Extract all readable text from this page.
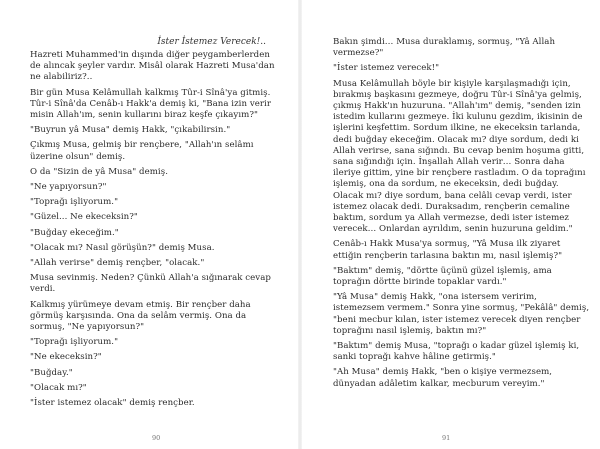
İster İstemez Verecek!..

Hazreti Muhammed'in dışında diğer peygamberlerden de alıncak şeyler vardır. Misâl olarak Hazreti Musa'dan ne alabiliriz?..

Bir gün Musa Kelâmullah kalkmış Tûr-i Sînâ'ya gitmiş. Tûr-i Sînâ'da Cenâb-ı Hakk'a demiş ki, "Bana izin verir misin Allah'ım, senin kullarını biraz keşfe çıkayım?"

"Buyrun yâ Musa" demiş Hakk, "çıkabilirsin."

Çıkmış Musa, gelmiş bir rençbere, "Allah'ın selâmı üzerine olsun" demiş.

O da "Sizin de yâ Musa" demiş.

"Ne yapıyorsun?"

"Toprağı işliyorum."

"Güzel... Ne ekeceksin?"

"Buğday ekeceğim."

"Olacak mı? Nasıl görüşün?" demiş Musa.

"Allah verirse" demiş rençber, "olacak."

Musa sevinmiş. Neden? Çünkü Allah'a sığınarak cevap verdi.

Kalkmış yürümeye devam etmiş. Bir rençber daha görmüş karşısında. Ona da selâm vermiş. Ona da sormuş, "Ne yapıyorsun?"

"Toprağı işliyorum."

"Ne ekeceksin?"

"Buğday."

"Olacak mı?"

"İster istemez olacak" demiş rençber.

90

Bakın şimdi… Musa duraklamış, sormuş, "Yâ Allah vermezse?"

"İster istemez verecek!"

Musa Kelâmullah böyle bir kişiyle karşılaşmadığı için, bırakmış başkasını gezmeye, doğru Tûr-i Sînâ'ya gelmiş, çıkmış Hakk'ın huzuruna. "Allah'ım" demiş, "senden izin istedim kullarını gezmeye. İki kulunu gezdim, ikisinin de işlerini keşfettim. Sordum ilkine, ne ekeceksin tarlanda, dedi buğday ekeceğim. Olacak mı? diye sordum, dedi ki Allah verirse, sana sığındı. Bu cevap benim hoşuma gitti, sana sığındığı için. İnşallah Allah verir… Sonra daha ileriye gittim, yine bir rençbere rastladım. O da toprağını işlemiş, ona da sordum, ne ekeceksin, dedi buğday. Olacak mı? diye sordum, bana celâli cevap verdi, ister istemez olacak dedi. Duraksadım, rençberin cemaline baktım, sordum ya Allah vermezse, dedi ister istemez verecek… Onlardan ayrıldım, senin huzuruna geldim."

Cenâb-ı Hakk Musa'ya sormuş, "Yâ Musa ilk ziyaret ettiğin rençberin tarlasına baktın mı, nasıl işlemiş?"

"Baktım" demiş, "dörtte üçünü güzel işlemiş, ama toprağın dörtte birinde topaklar vardı."

"Yâ Musa" demiş Hakk, "ona istersem veririm, istemezsem vermem." Sonra yine sormuş, "Pekâlâ" demiş, "beni mecbur kılan, ister istemez verecek diyen rençber toprağını nasıl işlemiş, baktın mı?"

"Baktım" demiş Musa, "toprağı o kadar güzel işlemiş ki, sanki toprağı kahve hâline getirmiş."

"Ah Musa" demiş Hakk, "ben o kişiye vermezsem, dünyadan adâletim kalkar, mecburum vereyim."

91
